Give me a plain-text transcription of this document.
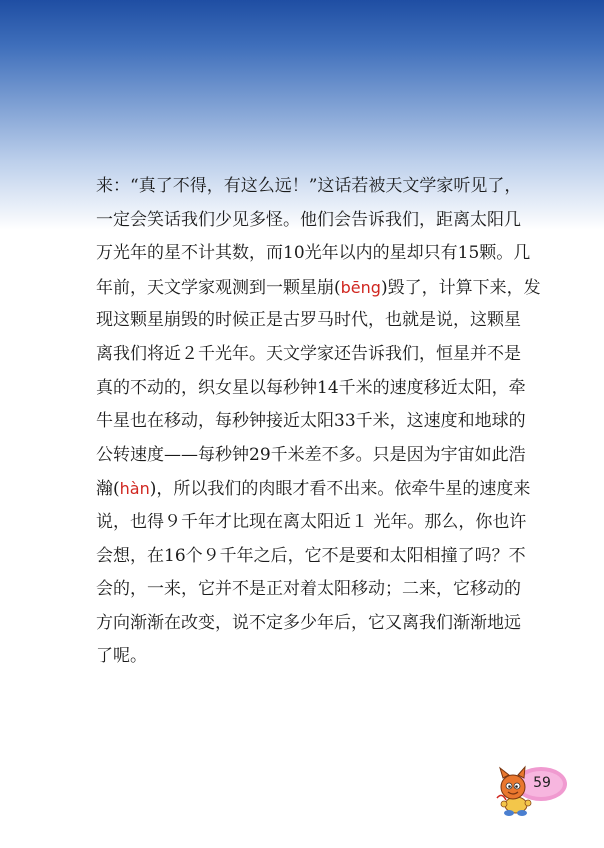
来：“真了不得，有这么远！”这话若被天文学家听见了，
一定会笑话我们少见多怪。他们会告诉我们，距离太阳几
万光年的星不计其数，而10光年以内的星却只有15颗。几
年前，天文学家观测到一颗星崩(bēng)毁了，计算下来，发
现这颗星崩毁的时候正是古罗马时代，也就是说，这颗星
离我们将近２千光年。天文学家还告诉我们，恒星并不是
真的不动的，织女星以每秒钟14千米的速度移近太阳，牵
牛星也在移动，每秒钟接近太阳33千米，这速度和地球的
公转速度——每秒钟29千米差不多。只是因为宇宙如此浩
瀚(hàn)，所以我们的肉眼才看不出来。依牵牛星的速度来
说，也得９千年才比现在离太阳近１ 光年。那么，你也许
会想，在16个９千年之后，它不是要和太阳相撞了吗？不
会的，一来，它并不是正对着太阳移动；二来，它移动的
方向渐渐在改变，说不定多少年后，它又离我们渐渐地远
了呢。
59
